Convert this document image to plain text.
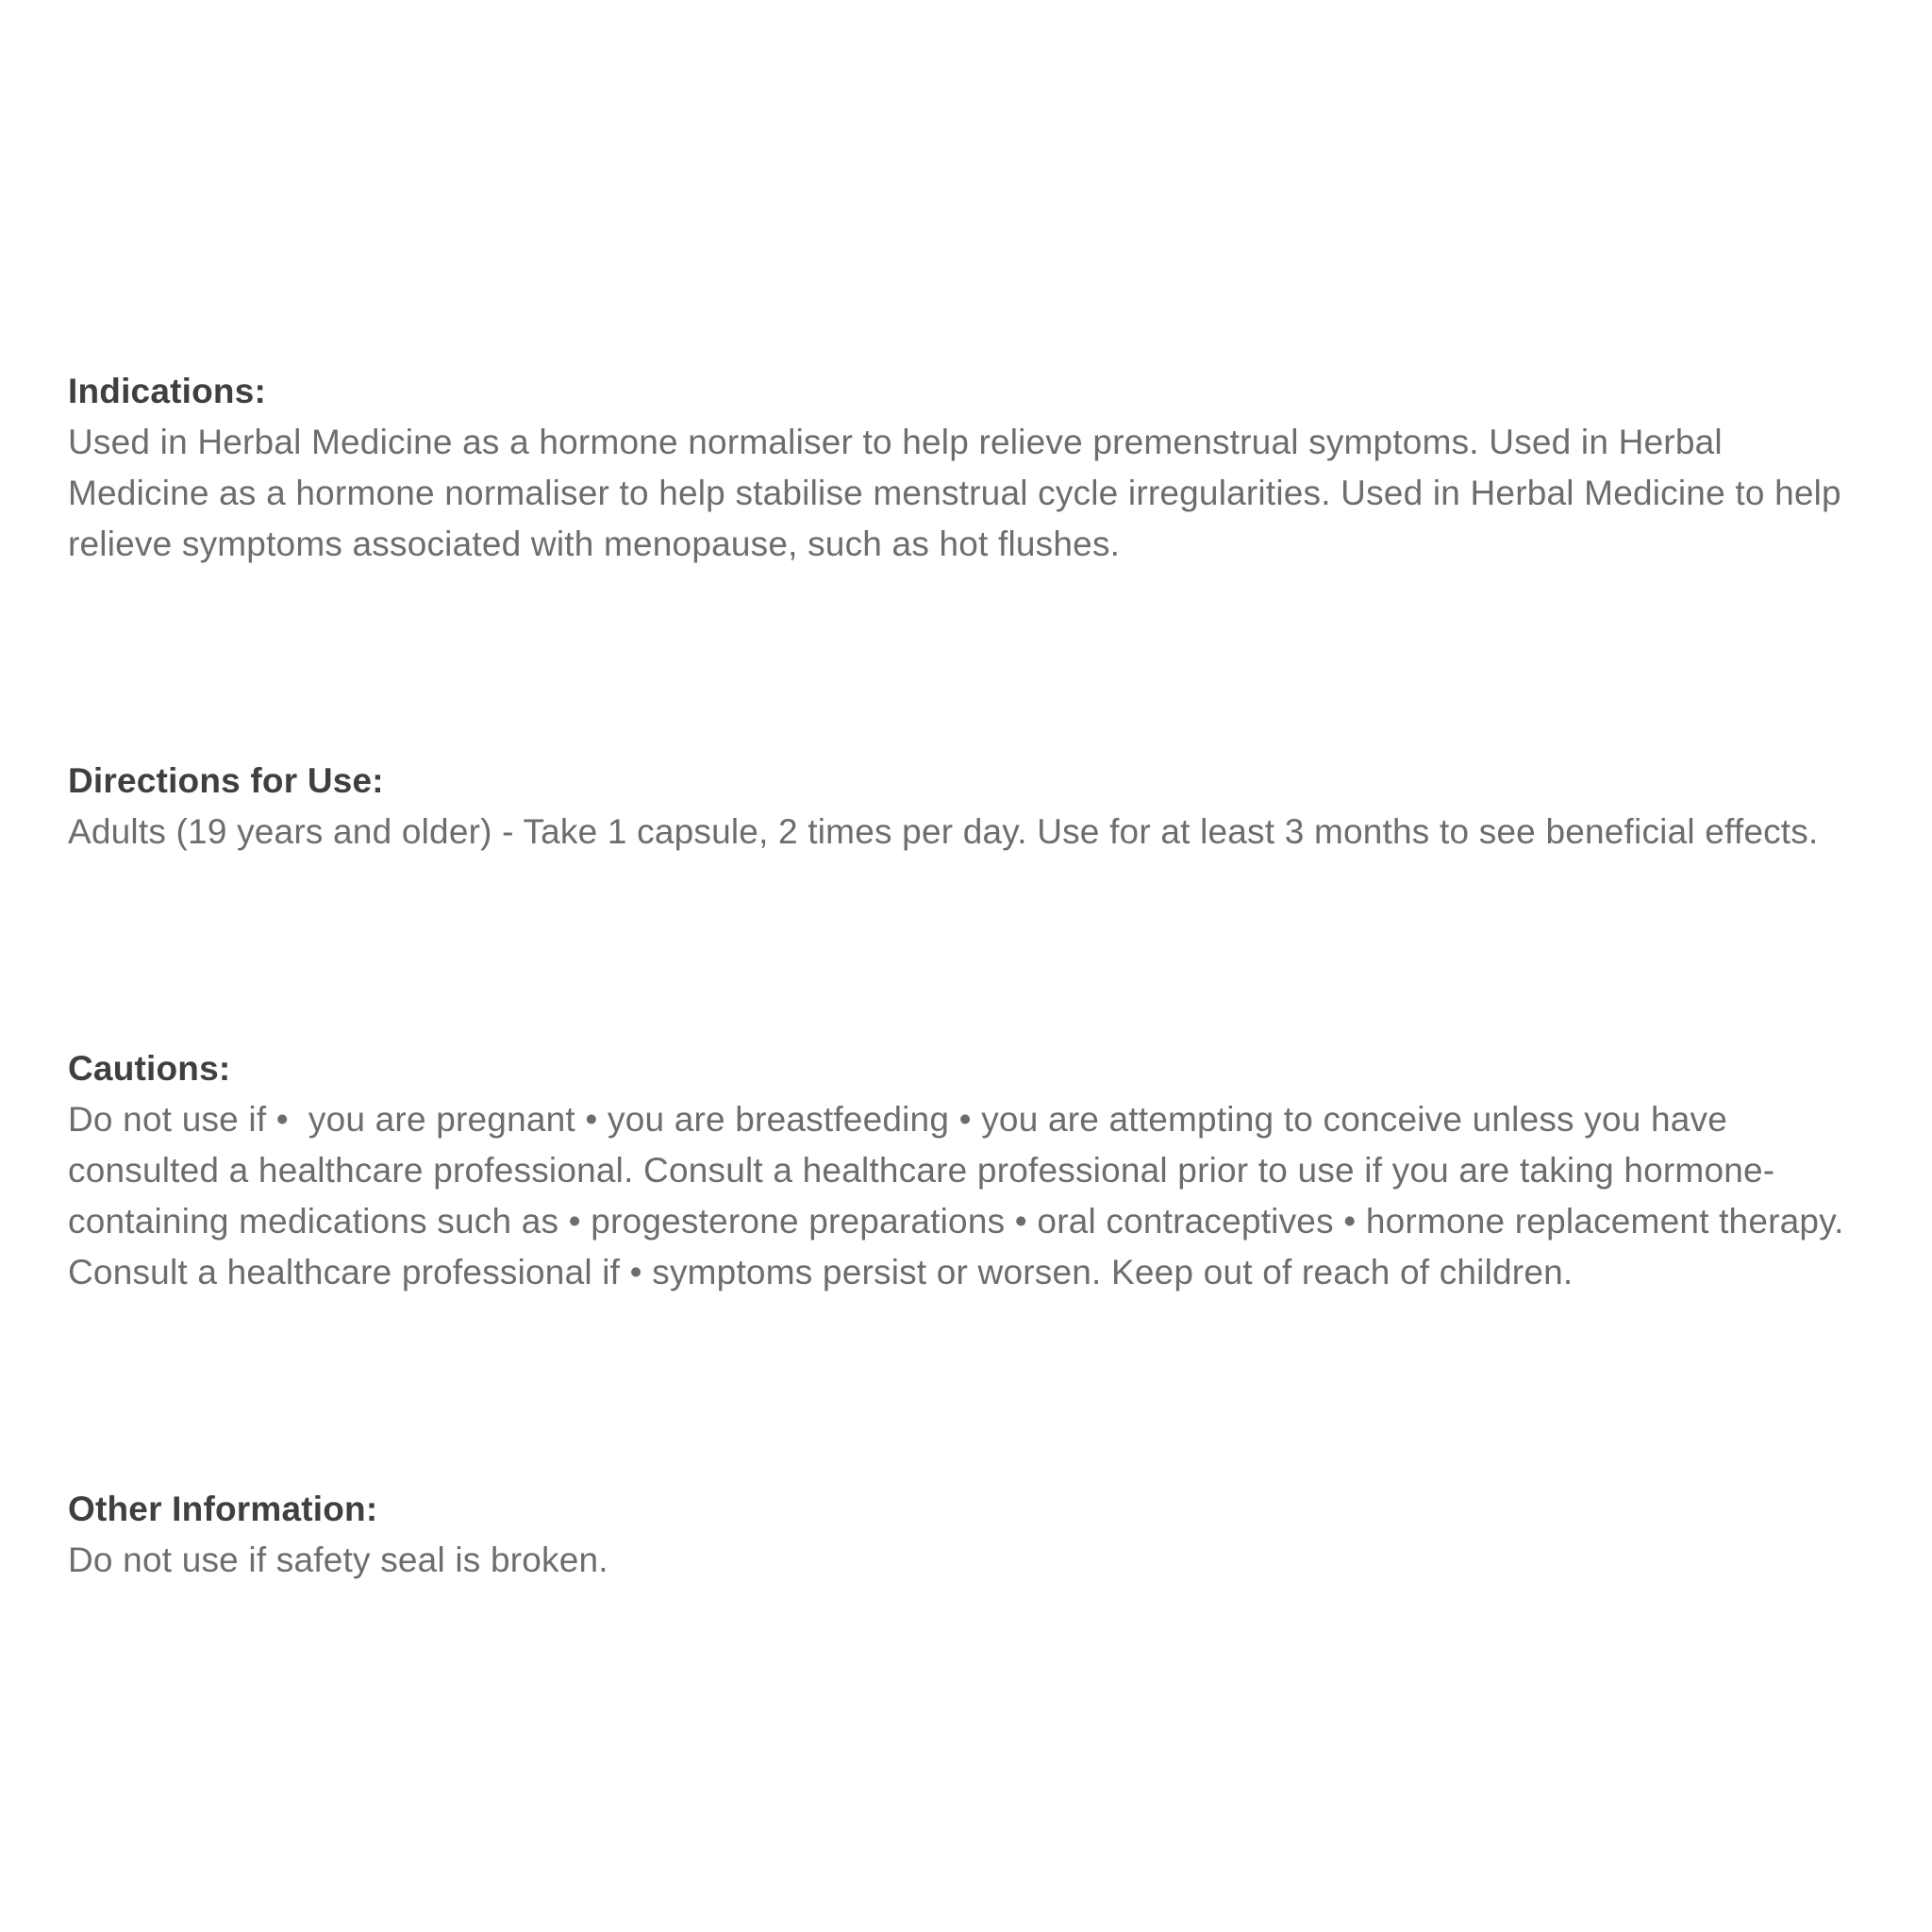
Indications:

Used in Herbal Medicine as a hormone normaliser to help relieve premenstrual symptoms. Used in Herbal Medicine as a hormone normaliser to help stabilise menstrual cycle irregularities. Used in Herbal Medicine to help relieve symptoms associated with menopause, such as hot flushes.

Directions for Use:

Adults (19 years and older) - Take 1 capsule, 2 times per day. Use for at least 3 months to see beneficial effects.

Cautions:

Do not use if •  you are pregnant • you are breastfeeding • you are attempting to conceive unless you have consulted a healthcare professional. Consult a healthcare professional prior to use if you are taking hormone-containing medications such as • progesterone preparations • oral contraceptives • hormone replacement therapy. Consult a healthcare professional if • symptoms persist or worsen. Keep out of reach of children.

Other Information:

Do not use if safety seal is broken.
